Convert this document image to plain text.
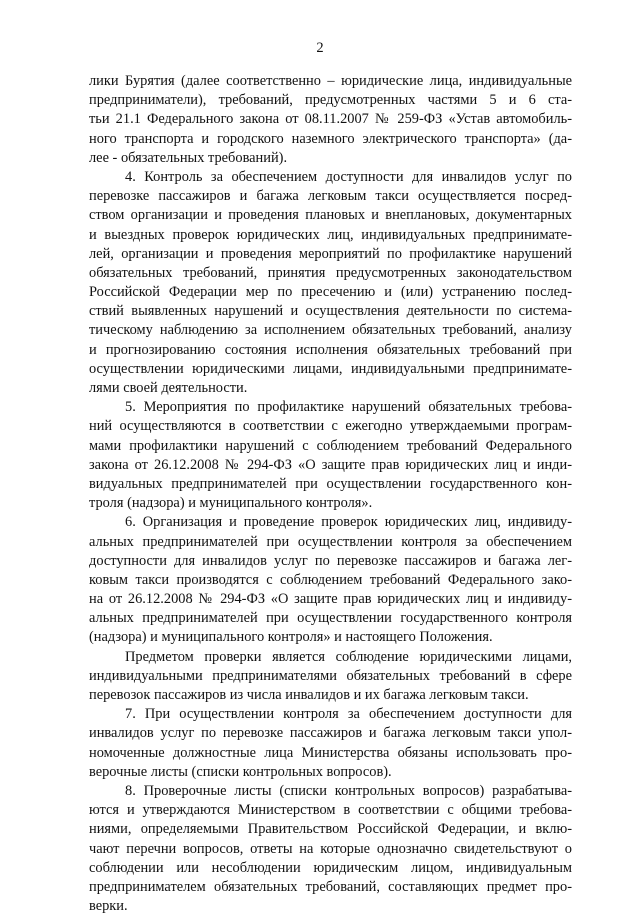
2
лики Бурятия (далее соответственно – юридические лица, индивидуальные
предприниматели), требований, предусмотренных частями 5 и 6 ста-
тьи 21.1 Федерального закона от 08.11.2007 № 259-ФЗ «Устав автомобиль-
ного транспорта и городского наземного электрического транспорта» (да-
лее - обязательных требований).
4. Контроль за обеспечением доступности для инвалидов услуг по
перевозке пассажиров и багажа легковым такси осуществляется посред-
ством организации и проведения плановых и внеплановых, документарных
и выездных проверок юридических лиц, индивидуальных предпринимате-
лей, организации и проведения мероприятий по профилактике нарушений
обязательных требований, принятия предусмотренных законодательством
Российской Федерации мер по пресечению и (или) устранению послед-
ствий выявленных нарушений и осуществления деятельности по система-
тическому наблюдению за исполнением обязательных требований, анализу
и прогнозированию состояния исполнения обязательных требований при
осуществлении юридическими лицами, индивидуальными предпринимате-
лями своей деятельности.
5. Мероприятия по профилактике нарушений обязательных требова-
ний осуществляются в соответствии с ежегодно утверждаемыми програм-
мами профилактики нарушений с соблюдением требований Федерального
закона от 26.12.2008 № 294-ФЗ «О защите прав юридических лиц и инди-
видуальных предпринимателей при осуществлении государственного кон-
троля (надзора) и муниципального контроля».
6. Организация и проведение проверок юридических лиц, индивиду-
альных предпринимателей при осуществлении контроля за обеспечением
доступности для инвалидов услуг по перевозке пассажиров и багажа лег-
ковым такси производятся с соблюдением требований Федерального зако-
на от 26.12.2008 № 294-ФЗ «О защите прав юридических лиц и индивиду-
альных предпринимателей при осуществлении государственного контроля
(надзора) и муниципального контроля» и настоящего Положения.
Предметом проверки является соблюдение юридическими лицами,
индивидуальными предпринимателями обязательных требований в сфере
перевозок пассажиров из числа инвалидов и их багажа легковым такси.
7. При осуществлении контроля за обеспечением доступности для
инвалидов услуг по перевозке пассажиров и багажа легковым такси упол-
номоченные должностные лица Министерства обязаны использовать про-
верочные листы (списки контрольных вопросов).
8. Проверочные листы (списки контрольных вопросов) разрабатыва-
ются и утверждаются Министерством в соответствии с общими требова-
ниями, определяемыми Правительством Российской Федерации, и вклю-
чают перечни вопросов, ответы на которые однозначно свидетельствуют о
соблюдении или несоблюдении юридическим лицом, индивидуальным
предпринимателем обязательных требований, составляющих предмет про-
верки.
